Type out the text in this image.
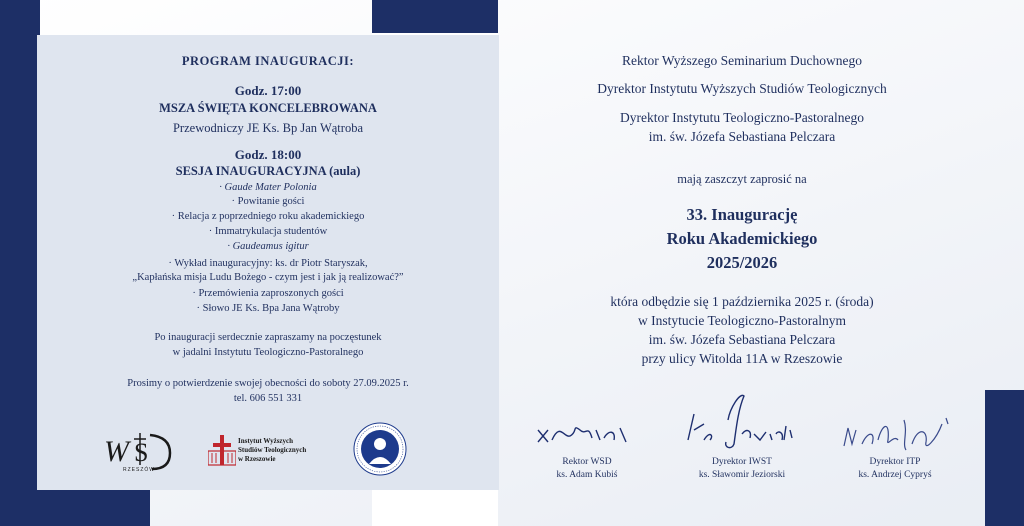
PROGRAM INAUGURACJI:
Godz. 17:00
MSZA ŚWIĘTA KONCELEBROWANA
Przewodniczy JE Ks. Bp Jan Wątroba
Godz. 18:00
SESJA INAUGURACYJNA (aula)
· Gaude Mater Polonia
· Powitanie gości
· Relacja z poprzedniego roku akademickiego
· Immatrykulacja studentów
· Gaudeamus igitur
· Wykład inauguracyjny: ks. dr Piotr Staryszak,
„Kapłańska misja Ludu Bożego - czym jest i jak ją realizować?”
· Przemówienia zaproszonych gości
· Słowo JE Ks. Bpa Jana Wątroby
Po inauguracji serdecznie zapraszamy na poczęstunek
w jadalni Instytutu Teologiczno-Pastoralnego
Prosimy o potwierdzenie swojej obecności do soboty 27.09.2025 r.
tel. 606 551 331
W S
RZESZÓW
Instytut Wyższych
Studiów Teologicznych
w Rzeszowie
Rektor Wyższego Seminarium Duchownego
Dyrektor Instytutu Wyższych Studiów Teologicznych
Dyrektor Instytutu Teologiczno-Pastoralnego
im. św. Józefa Sebastiana Pelczara
mają zaszczyt zaprosić na
33. Inaugurację
Roku Akademickiego
2025/2026
która odbędzie się 1 października 2025 r. (środa)
w Instytucie Teologiczno-Pastoralnym
im. św. Józefa Sebastiana Pelczara
przy ulicy Witolda 11A w Rzeszowie
Rektor WSD
ks. Adam Kubiś
Dyrektor IWST
ks. Sławomir Jeziorski
Dyrektor ITP
ks. Andrzej Cypryś
